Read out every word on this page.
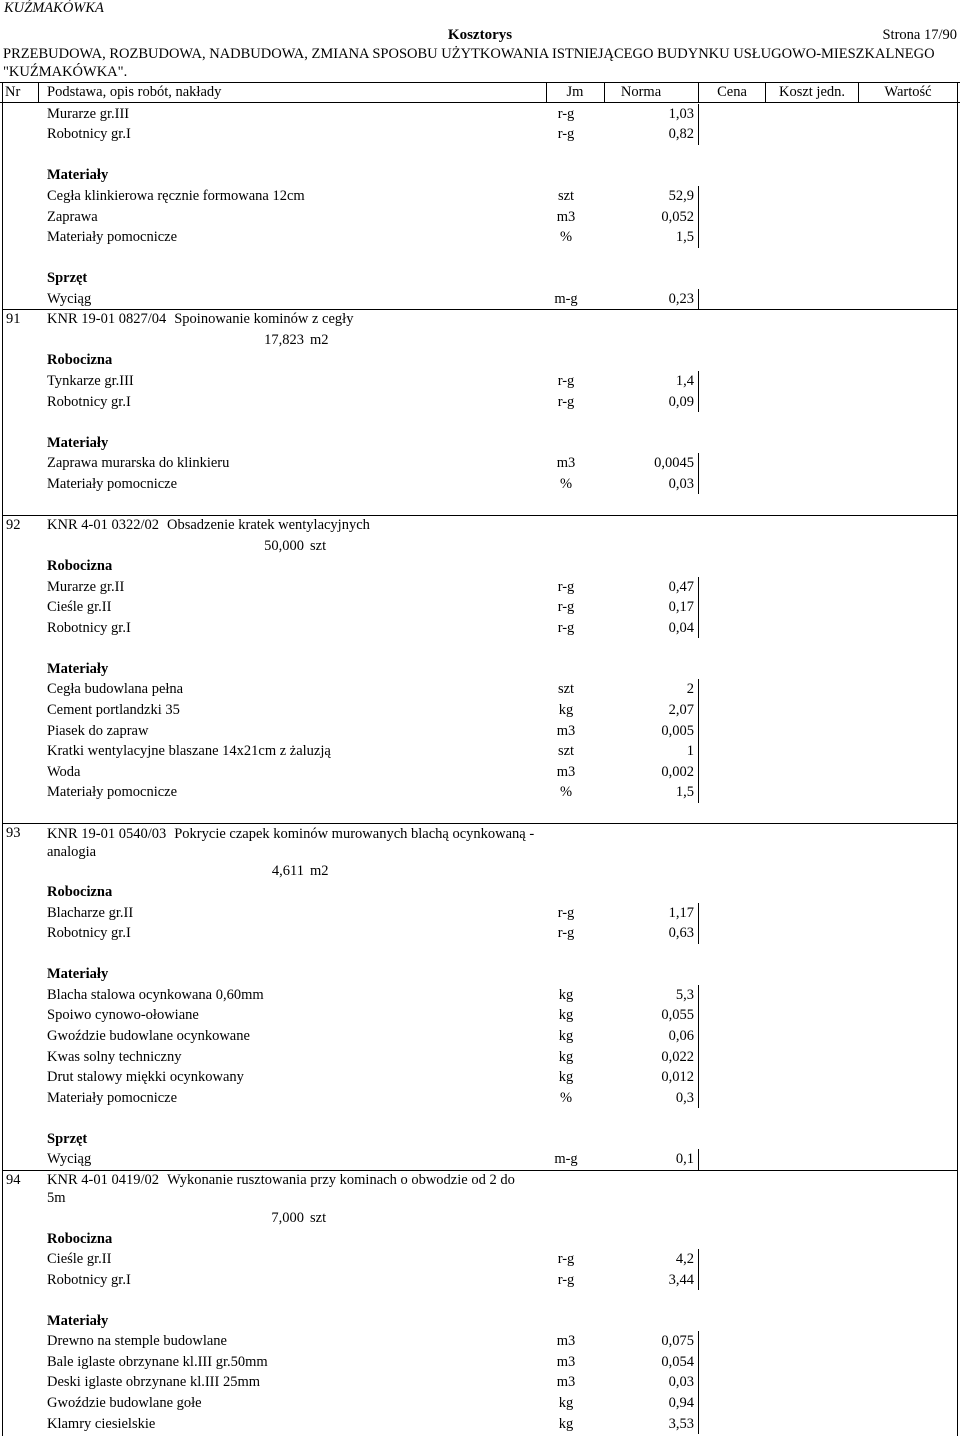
KUŹMAKÓWKA
Kosztorys	Strona 17/90
PRZEBUDOWA, ROZBUDOWA, NADBUDOWA, ZMIANA SPOSOBU UŻYTKOWANIA ISTNIEJĄCEGO BUDYNKU USŁUGOWO-MIESZKALNEGO
"KUŹMAKÓWKA".
Nr Podstawa, opis robót, nakłady	Jm	Norma	Cena	Koszt jedn.	Wartość
Murarze gr.III	r-g	1,03
Robotnicy gr.I	r-g	0,82
Materiały
Cegła klinkierowa ręcznie formowana 12cm	szt	52,9
Zaprawa	m3	0,052
Materiały pomocnicze	%	1,5
Sprzęt
Wyciąg	m-g	0,23
91 KNR 19-01 0827/04 Spoinowanie kominów z cegły
17,823 m2
Robocizna
Tynkarze gr.III	r-g	1,4
Robotnicy gr.I	r-g	0,09
Materiały
Zaprawa murarska do klinkieru	m3	0,0045
Materiały pomocnicze	%	0,03
92 KNR 4-01 0322/02 Obsadzenie kratek wentylacyjnych
50,000 szt
Robocizna
Murarze gr.II	r-g	0,47
Cieśle gr.II	r-g	0,17
Robotnicy gr.I	r-g	0,04
Materiały
Cegła budowlana pełna	szt	2
Cement portlandzki 35	kg	2,07
Piasek do zapraw	m3	0,005
Kratki wentylacyjne blaszane 14x21cm z żaluzją	szt	1
Woda	m3	0,002
Materiały pomocnicze	%	1,5
93 KNR 19-01 0540/03 Pokrycie czapek kominów murowanych blachą ocynkowaną -
analogia
4,611 m2
Robocizna
Blacharze gr.II	r-g	1,17
Robotnicy gr.I	r-g	0,63
Materiały
Blacha stalowa ocynkowana 0,60mm	kg	5,3
Spoiwo cynowo-ołowiane	kg	0,055
Gwoździe budowlane ocynkowane	kg	0,06
Kwas solny techniczny	kg	0,022
Drut stalowy miękki ocynkowany	kg	0,012
Materiały pomocnicze	%	0,3
Sprzęt
Wyciąg	m-g	0,1
94 KNR 4-01 0419/02 Wykonanie rusztowania przy kominach o obwodzie od 2 do
5m
7,000 szt
Robocizna
Cieśle gr.II	r-g	4,2
Robotnicy gr.I	r-g	3,44
Materiały
Drewno na stemple budowlane	m3	0,075
Bale iglaste obrzynane kl.III gr.50mm	m3	0,054
Deski iglaste obrzynane kl.III 25mm	m3	0,03
Gwoździe budowlane gołe	kg	0,94
Klamry ciesielskie	kg	3,53
